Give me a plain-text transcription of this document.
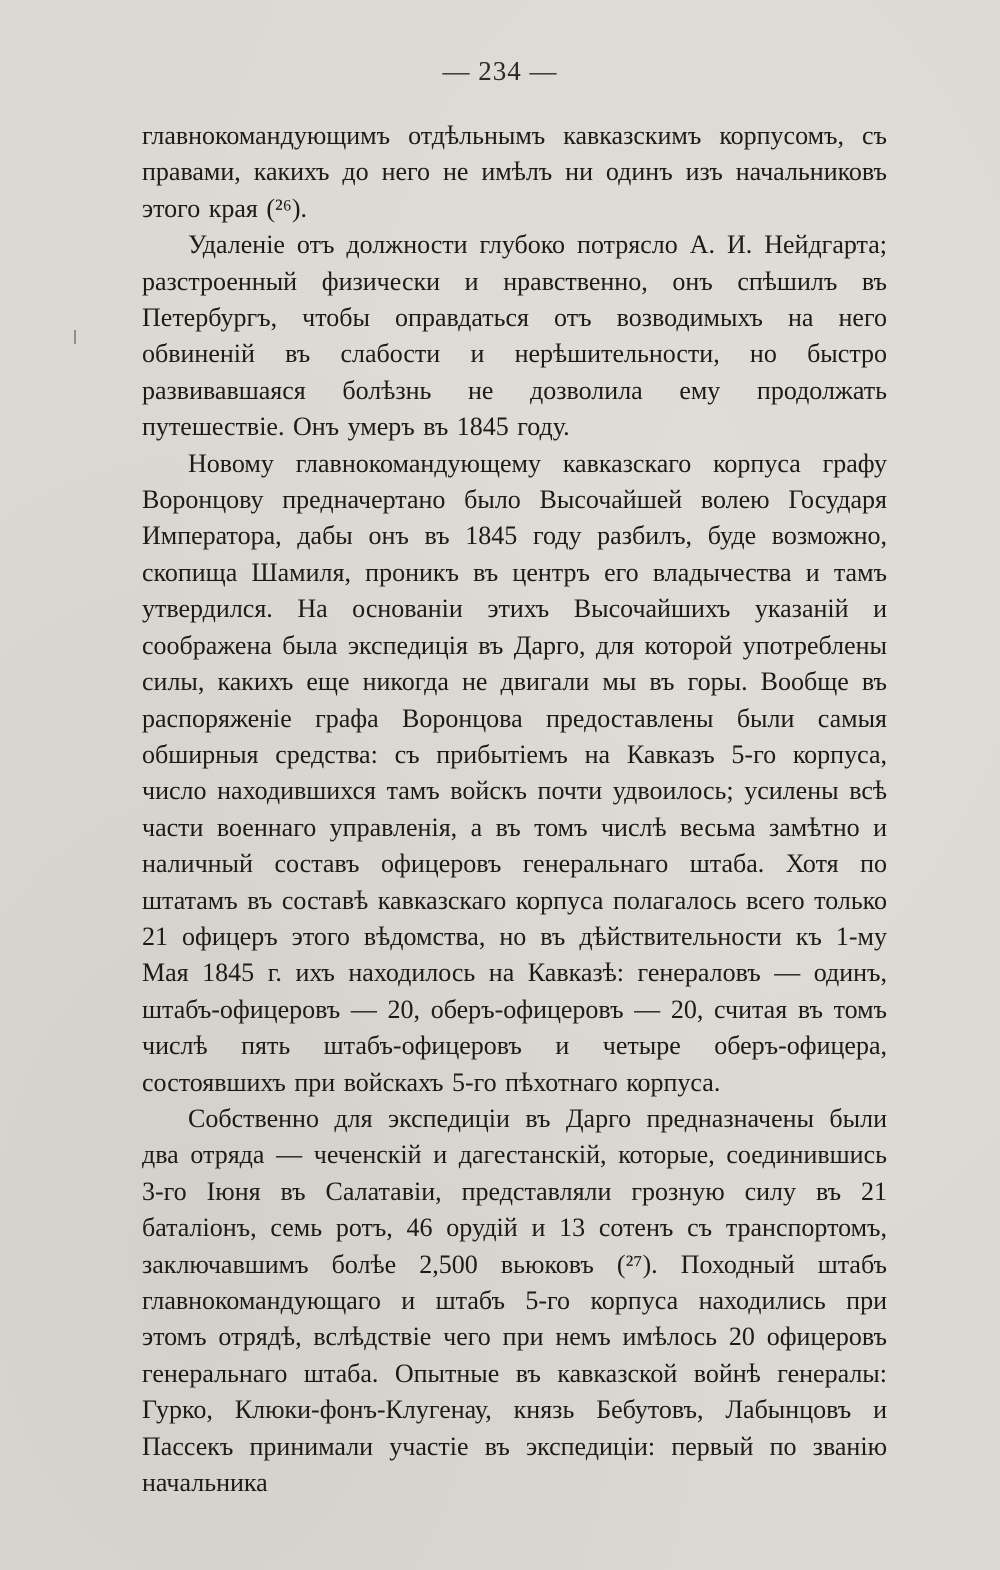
— 234 —

главнокомандующимъ отдѣльнымъ кавказскимъ корпусомъ, съ правами, какихъ до него не имѣлъ ни одинъ изъ начальниковъ этого края (²⁶).

Удаленіе отъ должности глубоко потрясло А. И. Нейдгарта; разстроенный физически и нравственно, онъ спѣшилъ въ Петербургъ, чтобы оправдаться отъ возводимыхъ на него обвиненій въ слабости и нерѣшительности, но быстро развивавшаяся болѣзнь не дозволила ему продолжать путешествіе. Онъ умеръ въ 1845 году.

Новому главнокомандующему кавказскаго корпуса графу Воронцову предначертано было Высочайшей волею Государя Императора, дабы онъ въ 1845 году разбилъ, буде возможно, скопища Шамиля, проникъ въ центръ его владычества и тамъ утвердился. На основаніи этихъ Высочайшихъ указаній и соображена была экспедиція въ Дарго, для которой употреблены силы, какихъ еще никогда не двигали мы въ горы. Вообще въ распоряженіе графа Воронцова предоставлены были самыя обширныя средства: съ прибытіемъ на Кавказъ 5-го корпуса, число находившихся тамъ войскъ почти удвоилось; усилены всѣ части военнаго управленія, а въ томъ числѣ весьма замѣтно и наличный составъ офицеровъ генеральнаго штаба. Хотя по штатамъ въ составѣ кавказскаго корпуса полагалось всего только 21 офицеръ этого вѣдомства, но въ дѣйствительности къ 1-му Мая 1845 г. ихъ находилось на Кавказѣ: генераловъ — одинъ, штабъ-офицеровъ — 20, оберъ-офицеровъ — 20, считая въ томъ числѣ пять штабъ-офицеровъ и четыре оберъ-офицера, состоявшихъ при войскахъ 5-го пѣхотнаго корпуса.

Собственно для экспедиціи въ Дарго предназначены были два отряда — чеченскій и дагестанскій, которые, соединившись 3-го Іюня въ Салатавіи, представляли грозную силу въ 21 баталіонъ, семь ротъ, 46 орудій и 13 сотенъ съ транспортомъ, заключавшимъ болѣе 2,500 вьюковъ (²⁷). Походный штабъ главнокомандующаго и штабъ 5-го корпуса находились при этомъ отрядѣ, вслѣдствіе чего при немъ имѣлось 20 офицеровъ генеральнаго штаба. Опытные въ кавказской войнѣ генералы: Гурко, Клюки-фонъ-Клугенау, князь Бебутовъ, Лабынцовъ и Пассекъ принимали участіе въ экспедиціи: первый по званію начальника
